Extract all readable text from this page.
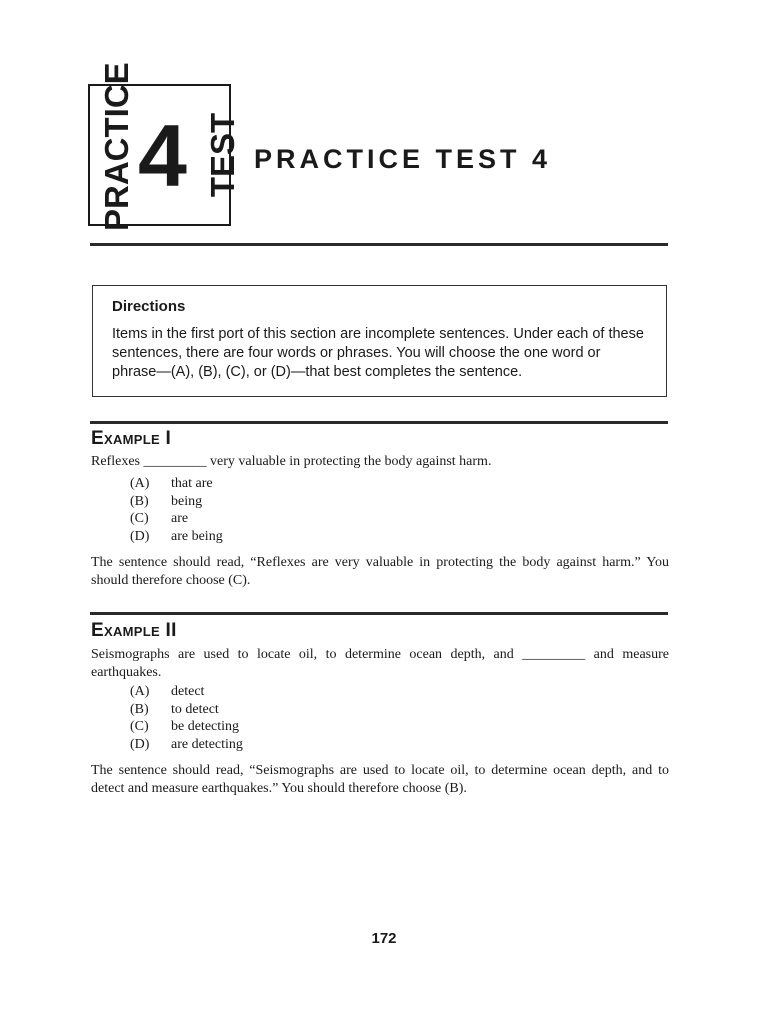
PRACTICE 4 TEST PRACTICE TEST 4
Directions

Items in the first port of this section are incomplete sentences. Under each of these sentences, there are four words or phrases. You will choose the one word or phrase—(A), (B), (C), or (D)—that best completes the sentence.

Example I
Reflexes _________ very valuable in protecting the body against harm.
(A) that are
(B) being
(C) are
(D) are being
The sentence should read, “Reflexes are very valuable in protecting the body against harm.” You should therefore choose (C).
Example II
Seismographs are used to locate oil, to determine ocean depth, and _________ and measure earthquakes.
(A) detect
(B) to detect
(C) be detecting
(D) are detecting
The sentence should read, “Seismographs are used to locate oil, to determine ocean depth, and to detect and measure earthquakes.” You should therefore choose (B).
172
